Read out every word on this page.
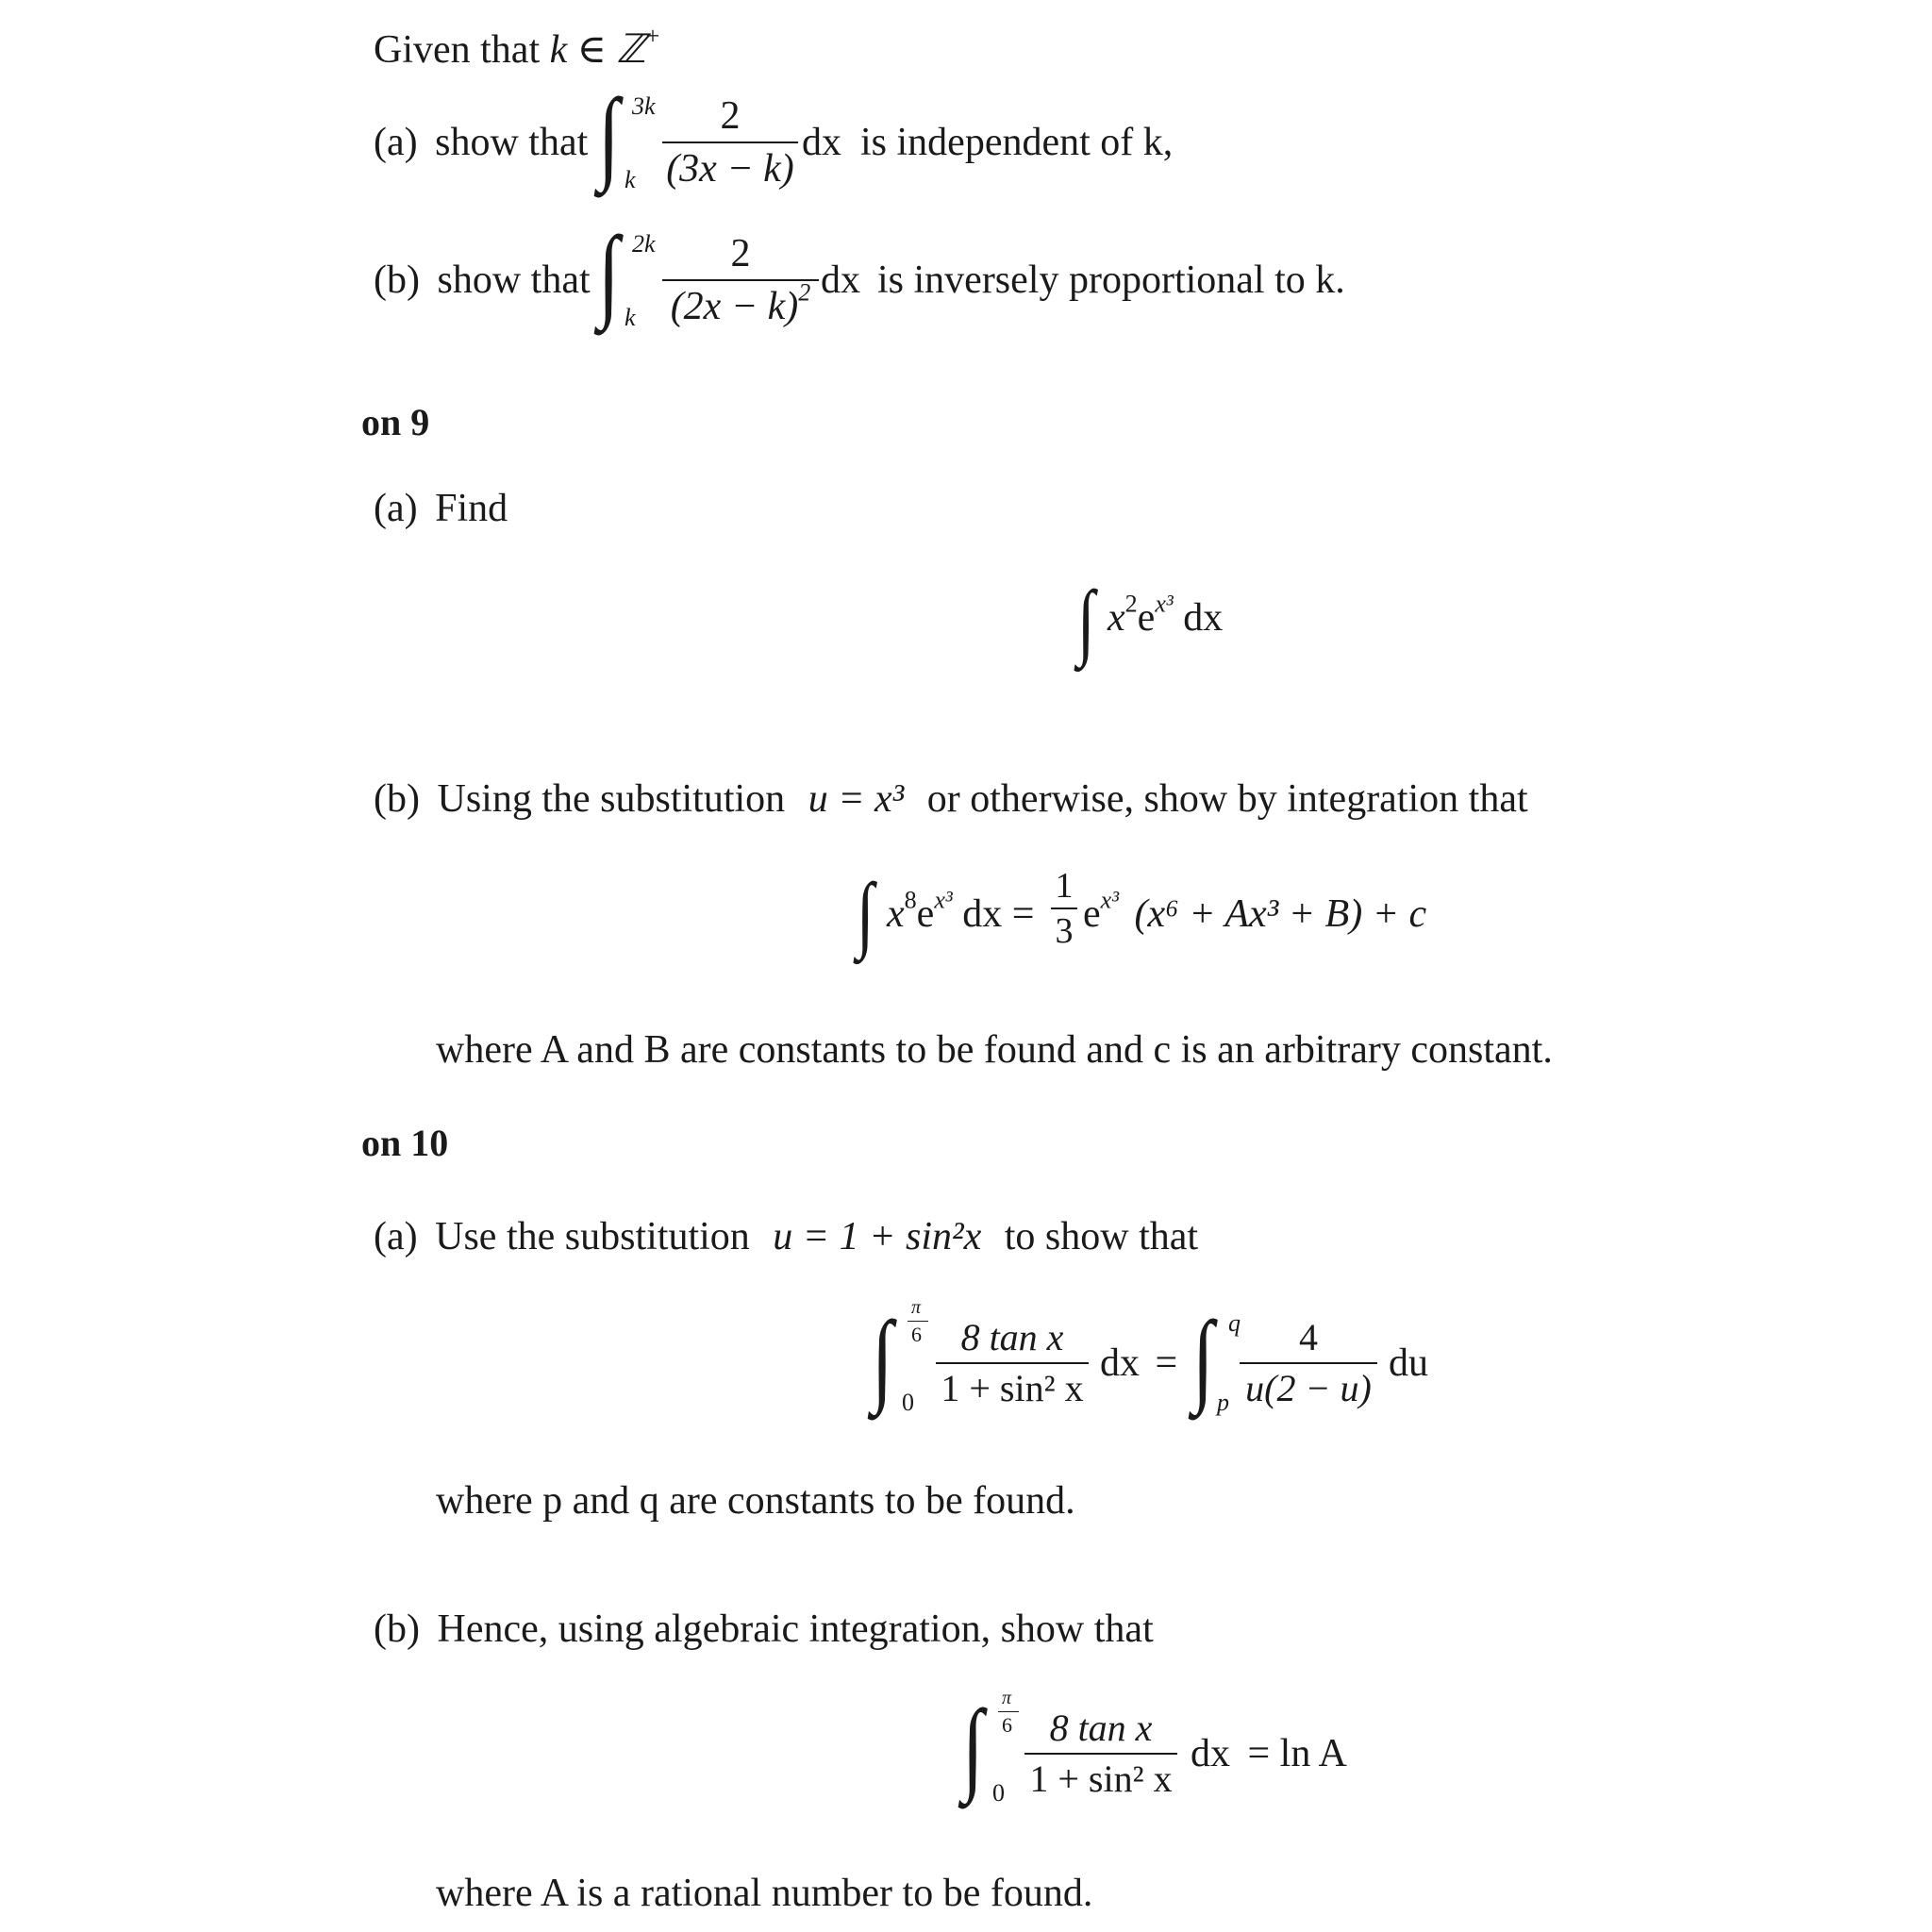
Given that k ∈ ℤ+
(a) show that ∫ 3k
k
2
(3x − k)
dx is independent of k,
(b) show that ∫ 2k
k
2
$(2x - k)^2$ dx is inversely proportional to k.
on 9
(a) Find
∫ $x^2e^{x^3}$ dx
(b) Using the substitution u = x³ or otherwise, show by integration that
∫ $x^8e^{x^3}$ dx =
1
3 $e^{x^3}$ (x⁶ + Ax³ + B) + c
where A and B are constants to be found and c is an arbitrary constant.
on 10
(a) Use the substitution u = 1 + sin²x to show that
∫ π
6
0
8 tan x
1 + sin² x
dx = ∫ q
p
4
u(2 − u)
du
where p and q are constants to be found.
(b) Hence, using algebraic integration, show that
∫ π
6
0
8 tan x
1 + sin² x
dx = ln A
where A is a rational number to be found.
